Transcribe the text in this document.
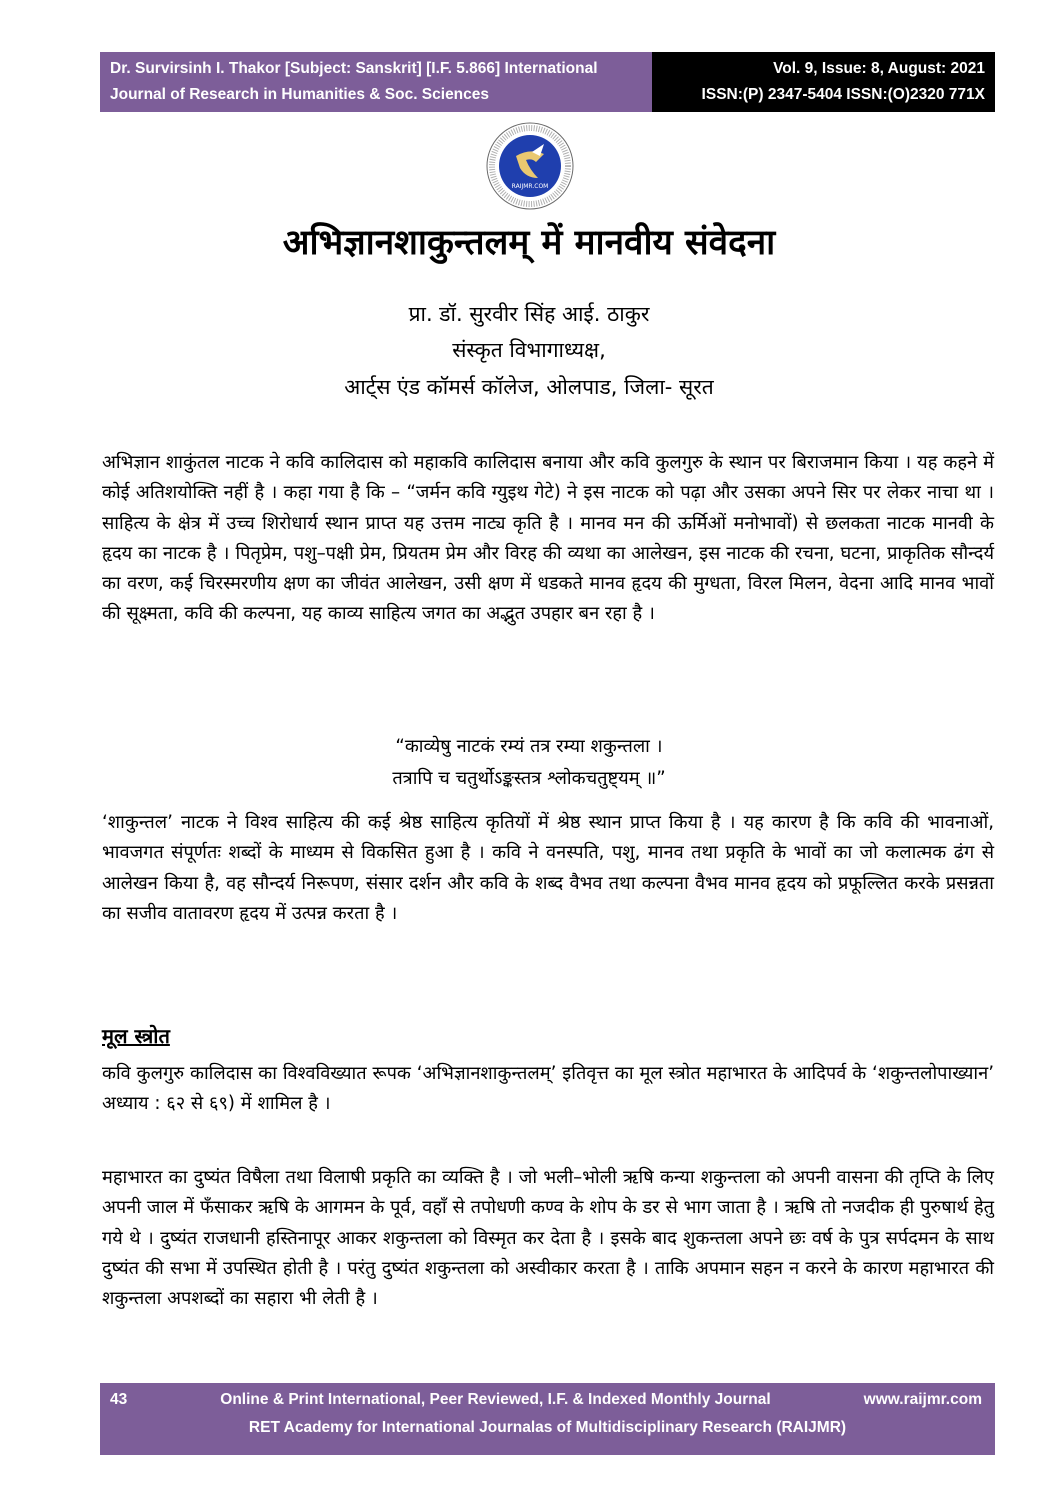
Dr. Survirsinh I. Thakor [Subject: Sanskrit] [I.F. 5.866] International
Journal of Research in Humanities & Soc. Sciences
Vol. 9, Issue: 8, August: 2021
ISSN:(P) 2347-5404 ISSN:(O)2320 771X
RAIJMR.COM
अभिज्ञानशाकुन्तलम् में मानवीय संवेदना
प्रा. डॉ. सुरवीर सिंह आई. ठाकुर
संस्कृत विभागाध्यक्ष,
आर्ट्स एंड कॉमर्स कॉलेज, ओलपाड, जिला- सूरत
अभिज्ञान शाकुंतल नाटक ने कवि कालिदास को महाकवि कालिदास बनाया और कवि कुलगुरु के स्थान पर बिराजमान किया । यह कहने में कोई अतिशयोक्ति नहीं है । कहा गया है कि – “जर्मन कवि ग्युइथ गेटे) ने इस नाटक को पढ़ा और उसका अपने सिर पर लेकर नाचा था । साहित्य के क्षेत्र में उच्च शिरोधार्य स्थान प्राप्त यह उत्तम नाट्य कृति है । मानव मन की ऊर्मिओं मनोभावों) से छलकता नाटक मानवी के हृदय का नाटक है । पितृप्रेम, पशु–पक्षी प्रेम, प्रियतम प्रेम और विरह की व्यथा का आलेखन, इस नाटक की रचना, घटना, प्राकृतिक सौन्दर्य का वरण, कई चिरस्मरणीय क्षण का जीवंत आलेखन, उसी क्षण में धडकते मानव हृदय की मुग्धता, विरल मिलन, वेदना आदि मानव भावों की सूक्ष्मता, कवि की कल्पना, यह काव्य साहित्य जगत का अद्भुत उपहार बन रहा है ।
“काव्येषु नाटकं रम्यं तत्र रम्या शकुन्तला ।
तत्रापि च चतुर्थोऽङ्कस्तत्र श्लोकचतुष्ट्यम् ॥”
‘शाकुन्तल’ नाटक ने विश्व साहित्य की कई श्रेष्ठ साहित्य कृतियों में श्रेष्ठ स्थान प्राप्त किया है । यह कारण है कि कवि की भावनाओं, भावजगत संपूर्णतः शब्दों के माध्यम से विकसित हुआ है । कवि ने वनस्पति, पशु, मानव तथा प्रकृति के भावों का जो कलात्मक ढंग से आलेखन किया है, वह सौन्दर्य निरूपण, संसार दर्शन और कवि के शब्द वैभव तथा कल्पना वैभव मानव हृदय को प्रफूल्लित करके प्रसन्नता का सजीव वातावरण हृदय में उत्पन्न करता है ।
मूल स्त्रोत
कवि कुलगुरु कालिदास का विश्वविख्यात रूपक ‘अभिज्ञानशाकुन्तलम्’ इतिवृत्त का मूल स्त्रोत महाभारत के आदिपर्व के ‘शकुन्तलोपाख्यान’ अध्याय : ६२ से ६९) में शामिल है ।
महाभारत का दुष्यंत विषैला तथा विलाषी प्रकृति का व्यक्ति है । जो भली–भोली ऋषि कन्या शकुन्तला को अपनी वासना की तृप्ति के लिए अपनी जाल में फँसाकर ऋषि के आगमन के पूर्व, वहाँ से तपोधणी कण्व के शोप के डर से भाग जाता है । ऋषि तो नजदीक ही पुरुषार्थ हेतु गये थे । दुष्यंत राजधानी हस्तिनापूर आकर शकुन्तला को विस्मृत कर देता है । इसके बाद शुकन्तला अपने छः वर्ष के पुत्र सर्पदमन के साथ दुष्यंत की सभा में उपस्थित होती है । परंतु दुष्यंत शकुन्तला को अस्वीकार करता है । ताकि अपमान सहन न करने के कारण महाभारत की शकुन्तला अपशब्दों का सहारा भी लेती है ।
43	Online & Print International, Peer Reviewed, I.F. & Indexed Monthly Journal	www.raijmr.com
RET Academy for International Journalas of Multidisciplinary Research (RAIJMR)
